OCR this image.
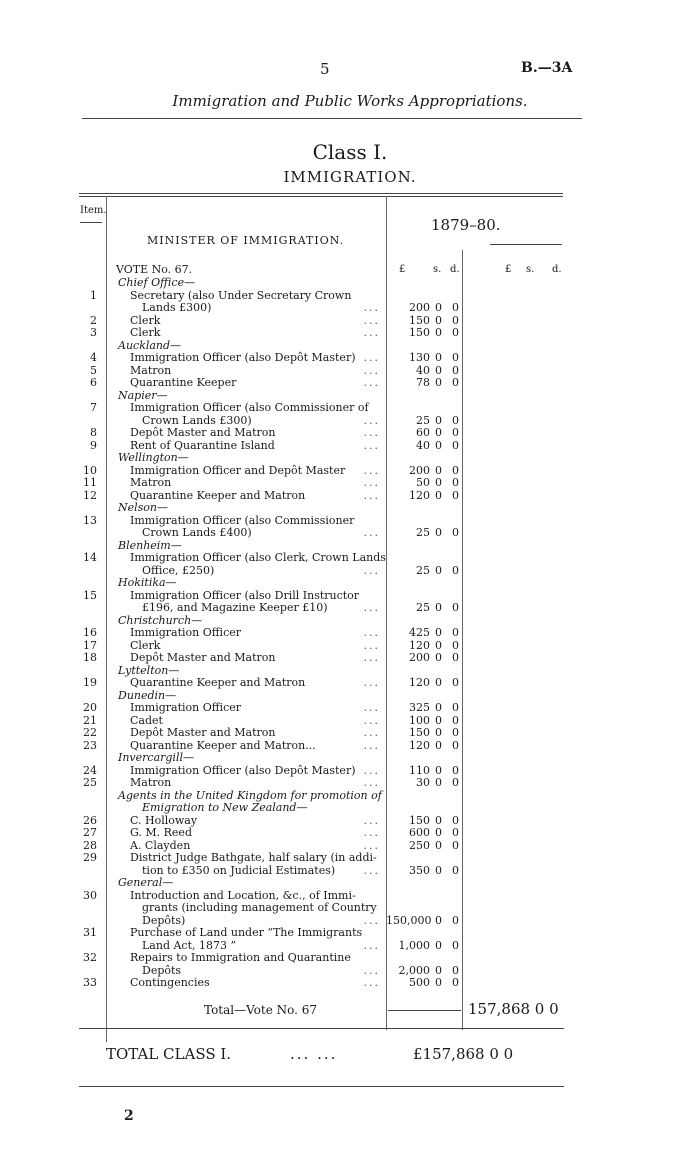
5	B.—3A
Immigration and Public Works Appropriations.
Class I.
IMMIGRATION.
Item.
1879–80.
MINISTER OF IMMIGRATION.
VOTE No. 67.	£	s. d.	£ s. d.
Chief Office—
1	Secretary (also Under Secretary Crown
Lands £300)	...	200 0 0
2	Clerk	...	150 0 0
3	Clerk	...	150 0 0
Auckland—
4	Immigration Officer (also Depôt Master) ...	130 0 0
5	Matron	...	40 0 0
6	Quarantine Keeper	...	78 0 0
Napier—
7	Immigration Officer (also Commissioner of
Crown Lands £300)	...	25 0 0
8	Depôt Master and Matron	...	60 0 0
9	Rent of Quarantine Island	...	40 0 0
Wellington—
10	Immigration Officer and Depôt Master	...	200 0 0
11	Matron	...	50 0 0
12	Quarantine Keeper and Matron	...	120 0 0
Nelson—
13	Immigration Officer (also Commissioner
Crown Lands £400)	...	25 0 0
Blenheim—
14	Immigration Officer (also Clerk, Crown Lands
Office, £250)	...	25 0 0
Hokitika—
15	Immigration Officer (also Drill Instructor
£196, and Magazine Keeper £10)	...	25 0 0
Christchurch—
16	Immigration Officer	...	425 0 0
17	Clerk	...	120 0 0
18	Depôt Master and Matron	...	200 0 0
Lyttelton—
19	Quarantine Keeper and Matron	...	120 0 0
Dunedin—
20	Immigration Officer	...	325 0 0
21	Cadet	...	100 0 0
22	Depôt Master and Matron	...	150 0 0
23	Quarantine Keeper and Matron...	...	120 0 0
Invercargill—
24	Immigration Officer (also Depôt Master) ...	110 0 0
25	Matron	...	30 0 0
Agents in the United Kingdom for promotion of
Emigration to New Zealand—
26	C. Holloway	...	150 0 0
27	G. M. Reed	...	600 0 0
28	A. Clayden	...	250 0 0
29	District Judge Bathgate, half salary (in addi-
tion to £350 on Judicial Estimates)	...	350 0 0
General—
30	Introduction and Location, &c., of Immi-
grants (including management of Country
Depôts)	... 150,000 0 0
31	Purchase of Land under “The Immigrants
Land Act, 1873 ”	...	1,000 0 0
32	Repairs to Immigration and Quarantine
Depôts	...	2,000 0 0
33	Contingencies	...	500 0 0
Total—Vote No. 67	157,868 0 0
TOTAL CLASS I.	... ...	£157,868 0 0
2
